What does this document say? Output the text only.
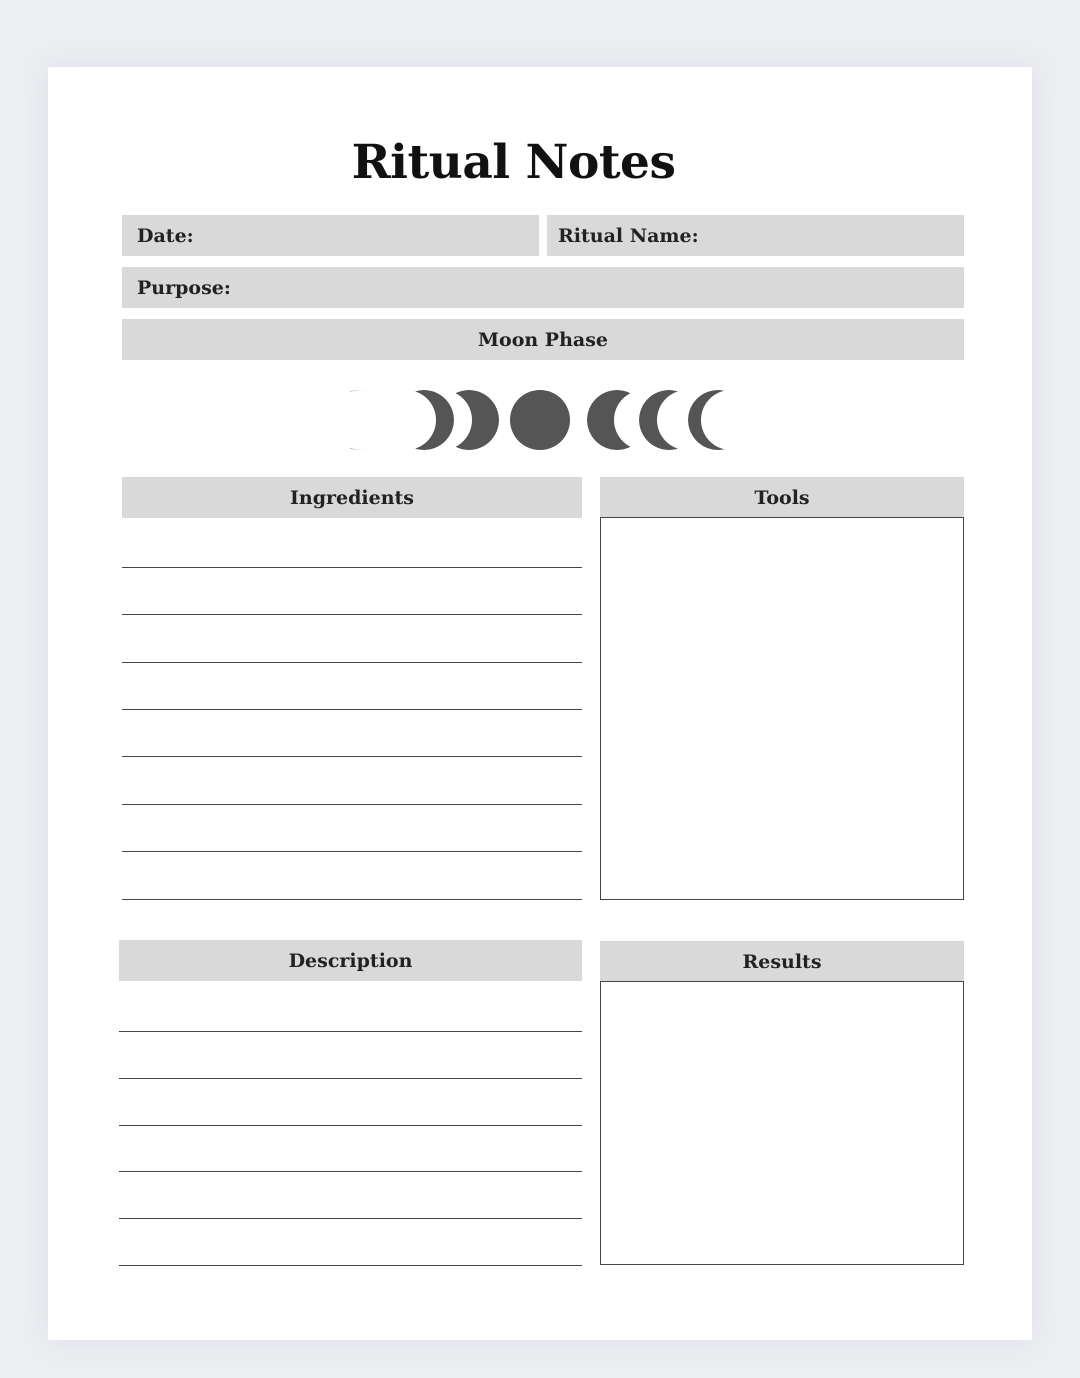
Ritual Notes
Date:	Ritual Name:
Purpose:
Moon Phase
Ingredients	Tools
Description	Results
